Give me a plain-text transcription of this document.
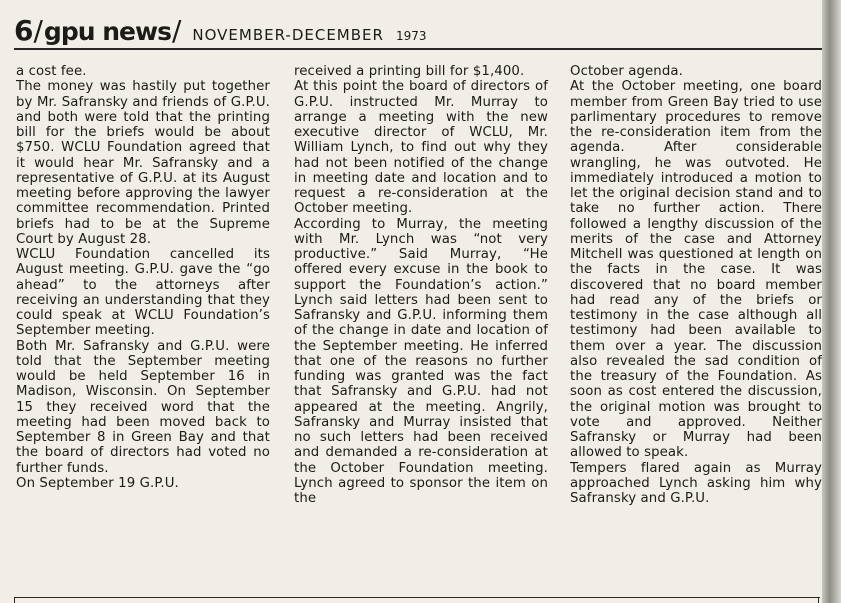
6/gpu news/ NOVEMBER-DECEMBER 1973

a cost fee.
The money was hastily put together by Mr. Safransky and friends of G.P.U. and both were told that the printing bill for the briefs would be about $750. WCLU Foundation agreed that it would hear Mr. Safransky and a representative of G.P.U. at its August meeting before approving the lawyer committee recommendation. Printed briefs had to be at the Supreme Court by August 28.
WCLU Foundation cancelled its August meeting. G.P.U. gave the “go ahead” to the attorneys after receiving an understanding that they could speak at WCLU Foundation’s September meeting.
Both Mr. Safransky and G.P.U. were told that the September meeting would be held September 16 in Madison, Wisconsin. On September 15 they received word that the meeting had been moved back to September 8 in Green Bay and that the board of directors had voted no further funds.
On September 19 G.P.U.

received a printing bill for $1,400.
At this point the board of directors of G.P.U. instructed Mr. Murray to arrange a meeting with the new executive director of WCLU, Mr. William Lynch, to find out why they had not been notified of the change in meeting date and location and to request a re-consideration at the October meeting.
According to Murray, the meeting with Mr. Lynch was “not very productive.” Said Murray, “He offered every excuse in the book to support the Foundation’s action.” Lynch said letters had been sent to Safransky and G.P.U. informing them of the change in date and location of the September meeting. He inferred that one of the reasons no further funding was granted was the fact that Safransky and G.P.U. had not appeared at the meeting. Angrily, Safransky and Murray insisted that no such letters had been received and demanded a re-consideration at the October Foundation meeting. Lynch agreed to sponsor the item on the

October agenda.
At the October meeting, one board member from Green Bay tried to use parlimentary procedures to remove the re-consideration item from the agenda. After considerable wrangling, he was outvoted. He immediately introduced a motion to let the original decision stand and to take no further action. There followed a lengthy discussion of the merits of the case and Attorney Mitchell was questioned at length on the facts in the case. It was discovered that no board member had read any of the briefs or testimony in the case although all testimony had been available to them over a year. The discussion also revealed the sad condition of the treasury of the Foundation. As soon as cost entered the discussion, the original motion was brought to vote and approved. Neither Safransky or Murray had been allowed to speak.
Tempers flared again as Murray approached Lynch asking him why Safransky and G.P.U.
